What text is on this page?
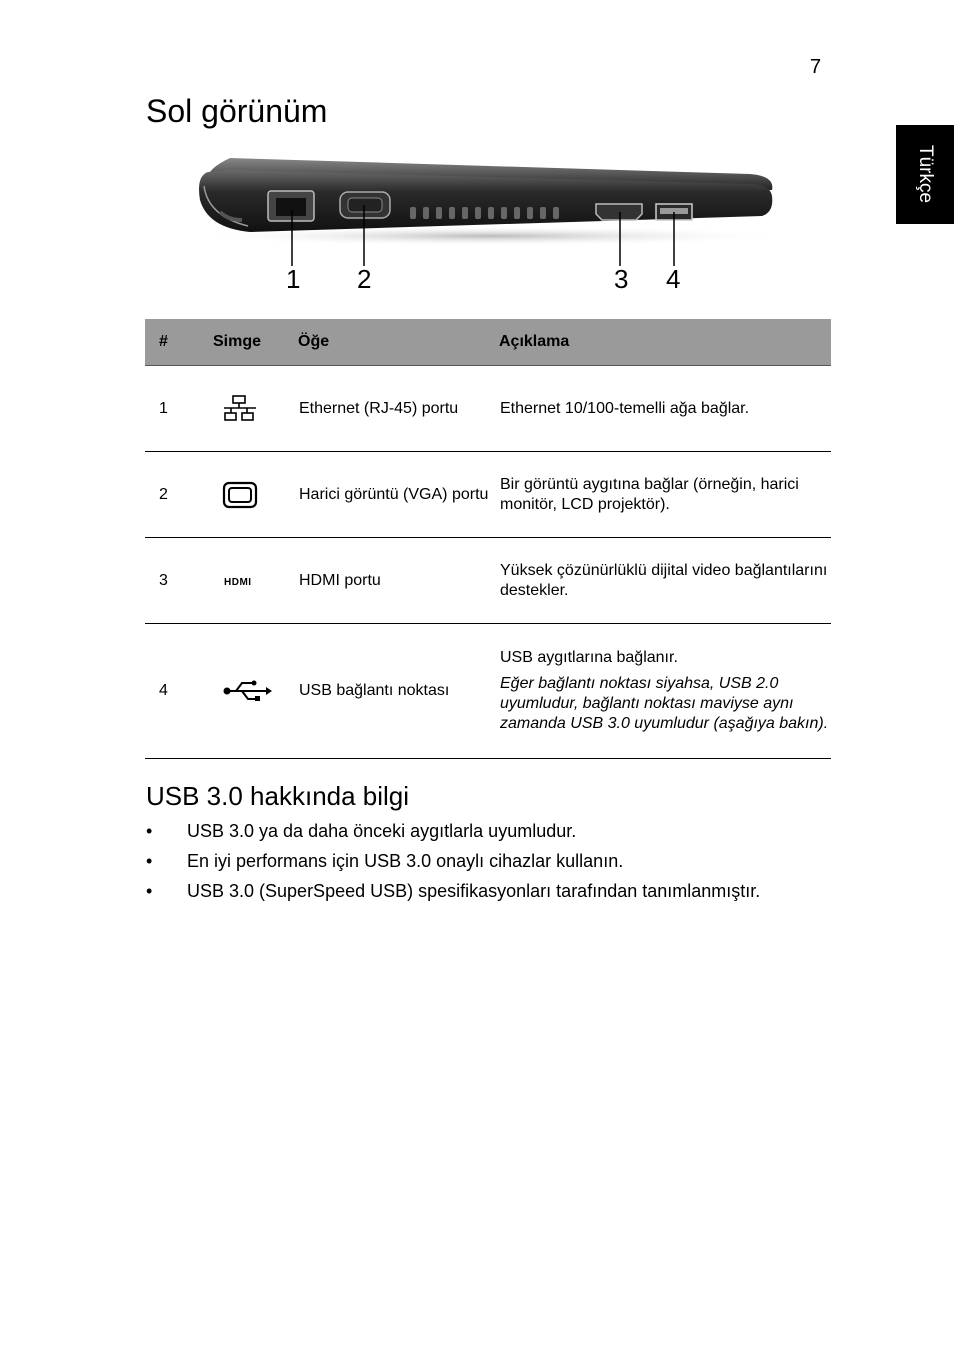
7
Türkçe
Sol görünüm
1 2	3 4
#	Simge	Öğe	Açıklama
1		Ethernet (RJ-45) portu	Ethernet 10/100-temelli ağa bağlar.

2		Harici görüntü (VGA) portu	Bir görüntü aygıtına bağlar (örneğin, harici monitör, LCD projektör).

3	HDMI	HDMI portu	Yüksek çözünürlüklü dijital video bağlantılarını destekler.

4		USB bağlantı noktası	USB aygıtlarına bağlanır.
Eğer bağlantı noktası siyahsa, USB 2.0 uyumludur, bağlantı noktası maviyse aynı zamanda USB 3.0 uyumludur (aşağıya bakın).
USB 3.0 hakkında bilgi
• USB 3.0 ya da daha önceki aygıtlarla uyumludur.
• En iyi performans için USB 3.0 onaylı cihazlar kullanın.
• USB 3.0 (SuperSpeed USB) spesifikasyonları tarafından tanımlanmıştır.
